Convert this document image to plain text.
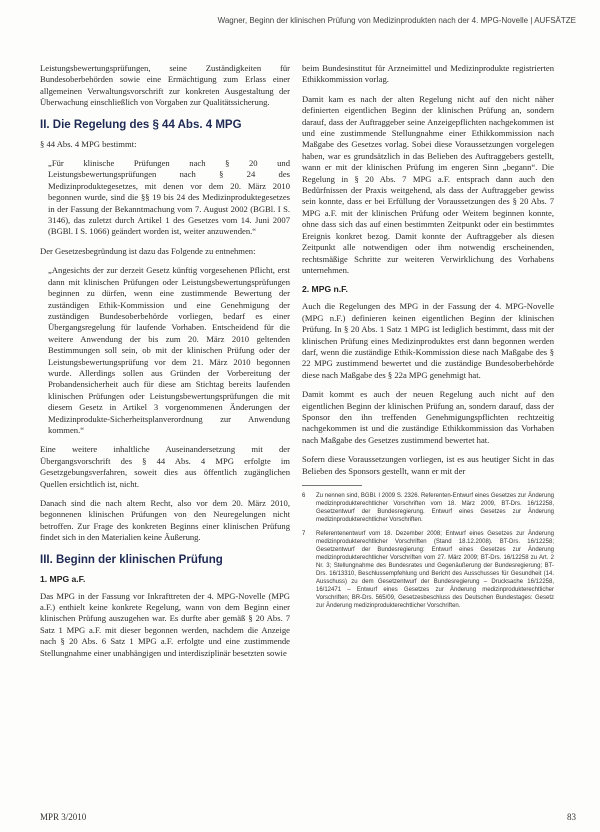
Wagner, Beginn der klinischen Prüfung von Medizinprodukten nach der 4. MPG-Novelle | AUFSÄTZE

Leistungsbewertungsprüfungen, seine Zuständigkeiten für Bundesoberbehörden sowie eine Ermächtigung zum Erlass einer allgemeinen Verwaltungsvorschrift zur konkreten Ausgestaltung der Überwachung einschließlich von Vorgaben zur Qualitätssicherung.

II. Die Regelung des § 44 Abs. 4 MPG

§ 44 Abs. 4 MPG bestimmt:

„Für klinische Prüfungen nach § 20 und Leistungsbewertungsprüfungen nach § 24 des Medizinproduktegesetzes, mit denen vor dem 20. März 2010 begonnen wurde, sind die §§ 19 bis 24 des Medizinproduktegesetzes in der Fassung der Bekanntmachung vom 7. August 2002 (BGBl. I S. 3146), das zuletzt durch Artikel 1 des Gesetzes vom 14. Juni 2007 (BGBl. I S. 1066) geändert worden ist, weiter anzuwenden.“

Der Gesetzesbegründung ist dazu das Folgende zu entnehmen:

„Angesichts der zur derzeit Gesetz künftig vorgesehenen Pflicht, erst dann mit klinischen Prüfungen oder Leistungsbewertungsprüfungen beginnen zu dürfen, wenn eine zustimmende Bewertung der zuständigen Ethik-Kommission und eine Genehmigung der zuständigen Bundesoberbehörde vorliegen, bedarf es einer Übergangsregelung für laufende Vorhaben. Entscheidend für die weitere Anwendung der bis zum 20. März 2010 geltenden Bestimmungen soll sein, ob mit der klinischen Prüfung oder der Leistungsbewertungsprüfung vor dem 21. März 2010 begonnen wurde. Allerdings sollen aus Gründen der Vorbereitung der Probandensicherheit auch für diese am Stichtag bereits laufenden klinischen Prüfungen oder Leistungsbewertungsprüfungen die mit diesem Gesetz in Artikel 3 vorgenommenen Änderungen der Medizinprodukte-Sicherheitsplanverordnung zur Anwendung kommen.“

Eine weitere inhaltliche Auseinandersetzung mit der Übergangsvorschrift des § 44 Abs. 4 MPG erfolgte im Gesetzgebungsverfahren, soweit dies aus öffentlich zugänglichen Quellen ersichtlich ist, nicht.

Danach sind die nach altem Recht, also vor dem 20. März 2010, begonnenen klinischen Prüfungen von den Neuregelungen nicht betroffen. Zur Frage des konkreten Beginns einer klinischen Prüfung findet sich in den Materialien keine Äußerung.

III. Beginn der klinischen Prüfung
1. MPG a.F.

Das MPG in der Fassung vor Inkrafttreten der 4. MPG-Novelle (MPG a.F.) enthielt keine konkrete Regelung, wann von dem Beginn einer klinischen Prüfung auszugehen war. Es durfte aber gemäß § 20 Abs. 7 Satz 1 MPG a.F. mit dieser begonnen werden, nachdem die Anzeige nach § 20 Abs. 6 Satz 1 MPG a.F. erfolgte und eine zustimmende Stellungnahme einer unabhängigen und interdisziplinär besetzten sowie

beim Bundesinstitut für Arzneimittel und Medizinprodukte registrierten Ethikkommission vorlag.

Damit kam es nach der alten Regelung nicht auf den nicht näher definierten eigentlichen Beginn der klinischen Prüfung an, sondern darauf, dass der Auftraggeber seine Anzeigepflichten nachgekommen ist und eine zustimmende Stellungnahme einer Ethikkommission nach Maßgabe des Gesetzes vorlag. Sobei diese Voraussetzungen vorgelegen haben, war es grundsätzlich in das Belieben des Auftraggebers gestellt, wann er mit der klinischen Prüfung im engeren Sinn „begann“. Die Regelung in § 20 Abs. 7 MPG a.F. entsprach dann auch den Bedürfnissen der Praxis weitgehend, als dass der Auftraggeber gewiss sein konnte, dass er bei Erfüllung der Voraussetzungen des § 20 Abs. 7 MPG a.F. mit der klinischen Prüfung oder Weitem beginnen konnte, ohne dass sich das auf einen bestimmten Zeitpunkt oder ein bestimmtes Ereignis konkret bezog. Damit konnte der Auftraggeber als diesen Zeitpunkt alle notwendigen oder ihm notwendig erscheinenden, rechtsmäßige Schritte zur weiteren Verwirklichung des Vorhabens unternehmen.

2. MPG n.F.

Auch die Regelungen des MPG in der Fassung der 4. MPG-Novelle (MPG n.F.) definieren keinen eigentlichen Beginn der klinischen Prüfung. In § 20 Abs. 1 Satz 1 MPG ist lediglich bestimmt, dass mit der klinischen Prüfung eines Medizinproduktes erst dann begonnen werden darf, wenn die zuständige Ethik-Kommission diese nach Maßgabe des § 22 MPG zustimmend bewertet und die zuständige Bundesoberbehörde diese nach Maßgabe des § 22a MPG genehmigt hat.

Damit kommt es auch der neuen Regelung auch nicht auf den eigentlichen Beginn der klinischen Prüfung an, sondern darauf, dass der Sponsor den ihn treffenden Genehmigungspflichten rechtzeitig nachgekommen ist und die zuständige Ethikkommission das Vorhaben nach Maßgabe des Gesetzes zustimmend bewertet hat.

Sofern diese Voraussetzungen vorliegen, ist es aus heutiger Sicht in das Belieben des Sponsors gestellt, wann er mit der

6	Zu nennen sind, BGBl. I 2009 S. 2326. Referenten-Entwurf eines Gesetzes zur Änderung medizinprodukterechtlicher Vorschriften vom 18. März 2009, BT-Drs. 16/12258, Gesetzentwurf der Bundesregierung. Entwurf eines Gesetzes zur Änderung medizinprodukterechtlicher Vorschriften.
7	Referentenentwurf vom 18. Dezember 2008; Entwurf eines Gesetzes zur Änderung medizinprodukterechtlicher Vorschriften (Stand 18.12.2008). BT-Drs. 16/12258; Gesetzentwurf der Bundesregierung: Entwurf eines Gesetzes zur Änderung medizinprodukterechtlicher Vorschriften vom 27. März 2009; BT-Drs. 16/12258 zu Art. 2 Nr. 3; Stellungnahme des Bundesrates und Gegenäußerung der Bundesregierung; BT-Drs. 16/13310, Beschlussempfehlung und Bericht des Ausschusses für Gesundheit (14. Ausschuss) zu dem Gesetzentwurf der Bundesregierung – Drucksache 16/12258, 16/12471 – Entwurf eines Gesetzes zur Änderung medizinprodukterechtlicher Vorschriften; BR-Drs. 565/09, Gesetzesbeschluss des Deutschen Bundestages: Gesetz zur Änderung medizinprodukterechtlicher Vorschriften.
MPR 3/2010	83
